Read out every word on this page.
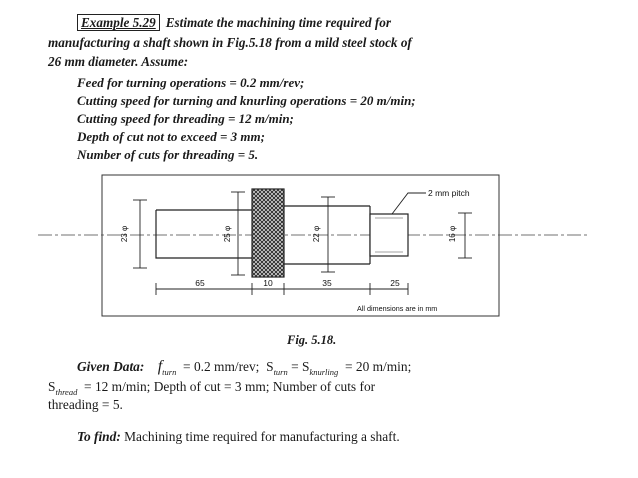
Example 5.29 Estimate the machining time required for
manufacturing a shaft shown in Fig.5.18 from a mild steel stock of
26 mm diameter. Assume:
Feed for turning operations = 0.2 mm/rev;
Cutting speed for turning and knurling operations = 20 m/min;
Cutting speed for threading = 12 m/min;
Depth of cut not to exceed = 3 mm;
Number of cuts for threading = 5.
23 φ	25 φ	22 φ	16 φ
65	10	35	25
2 mm pitch
All dimensions are in mm
Fig. 5.18.
Given Data: $f_{turn} = 0.2$ mm/rev; $S_{turn} = S_{knurling} = 20$ m/min;
$S_{thread} = 12$ m/min; Depth of cut = 3 mm; Number of cuts for
threading = 5.
To find: Machining time required for manufacturing a shaft.
